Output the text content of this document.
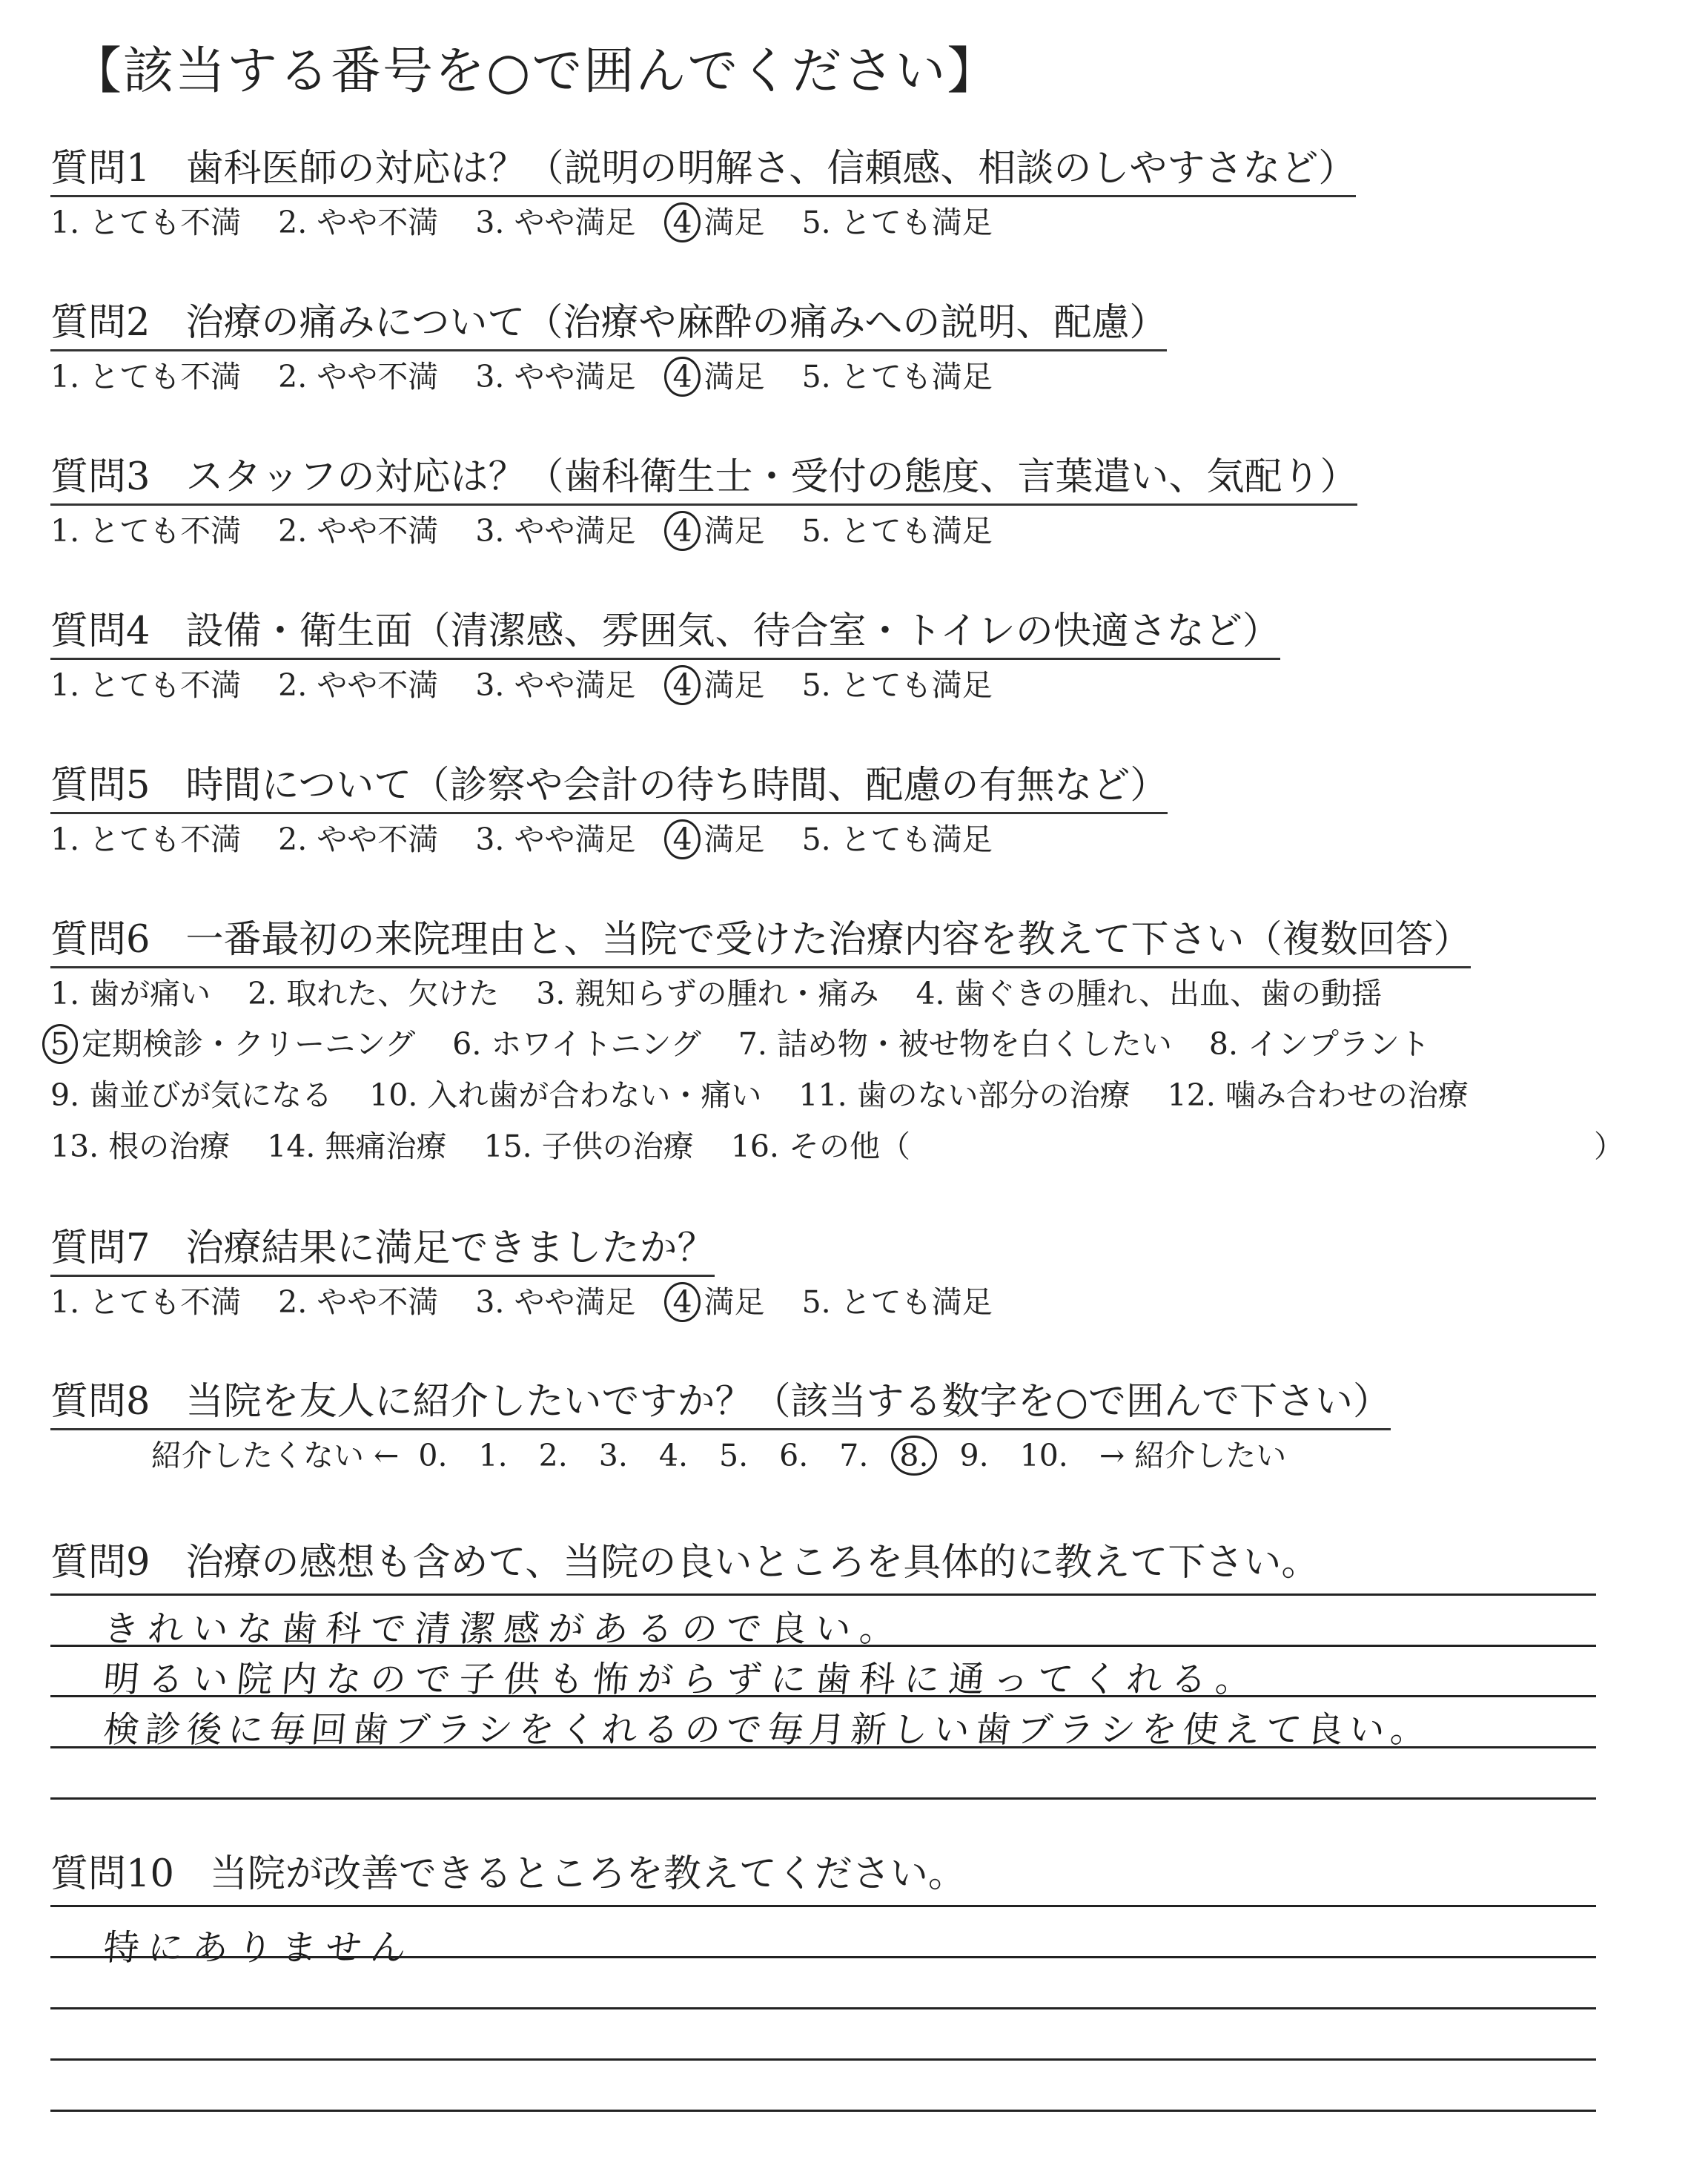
【該当する番号を○で囲んでください】
質問1 歯科医師の対応は？（説明の明解さ、信頼感、相談のしやすさなど）
1. とても不満 2. やや不満 3. やや満足 4 満足 5. とても満足
質問2 治療の痛みについて（治療や麻酔の痛みへの説明、配慮）
1. とても不満 2. やや不満 3. やや満足 4 満足 5. とても満足
質問3 スタッフの対応は？（歯科衛生士・受付の態度、言葉遣い、気配り）
1. とても不満 2. やや不満 3. やや満足 4 満足 5. とても満足
質問4 設備・衛生面（清潔感、雰囲気、待合室・トイレの快適さなど）
1. とても不満 2. やや不満 3. やや満足 4 満足 5. とても満足
質問5 時間について（診察や会計の待ち時間、配慮の有無など）
1. とても不満 2. やや不満 3. やや満足 4 満足 5. とても満足
質問6 一番最初の来院理由と、当院で受けた治療内容を教えて下さい（複数回答）
1. 歯が痛い 2. 取れた、欠けた 3. 親知らずの腫れ・痛み 4. 歯ぐきの腫れ、出血、歯の動揺
5 定期検診・クリーニング 6. ホワイトニング 7. 詰め物・被せ物を白くしたい 8. インプラント
9. 歯並びが気になる 10. 入れ歯が合わない・痛い 11. 歯のない部分の治療 12. 噛み合わせの治療
13. 根の治療 14. 無痛治療 15. 子供の治療 16. その他（	）
質問7 治療結果に満足できましたか？
1. とても不満 2. やや不満 3. やや満足 4 満足 5. とても満足
質問8 当院を友人に紹介したいですか？（該当する数字を○で囲んで下さい）
紹介したくない ← 0. 1. 2. 3. 4. 5. 6. 7. 8. 9. 10. → 紹介したい
質問9 治療の感想も含めて、当院の良いところを具体的に教えて下さい。
きれいな歯科で清潔感があるので良い。
明るい院内なので子供も怖がらずに歯科に通ってくれる。
検診後に毎回歯ブラシをくれるので毎月新しい歯ブラシを使えて良い。
質問10 当院が改善できるところを教えてください。
特にありません
